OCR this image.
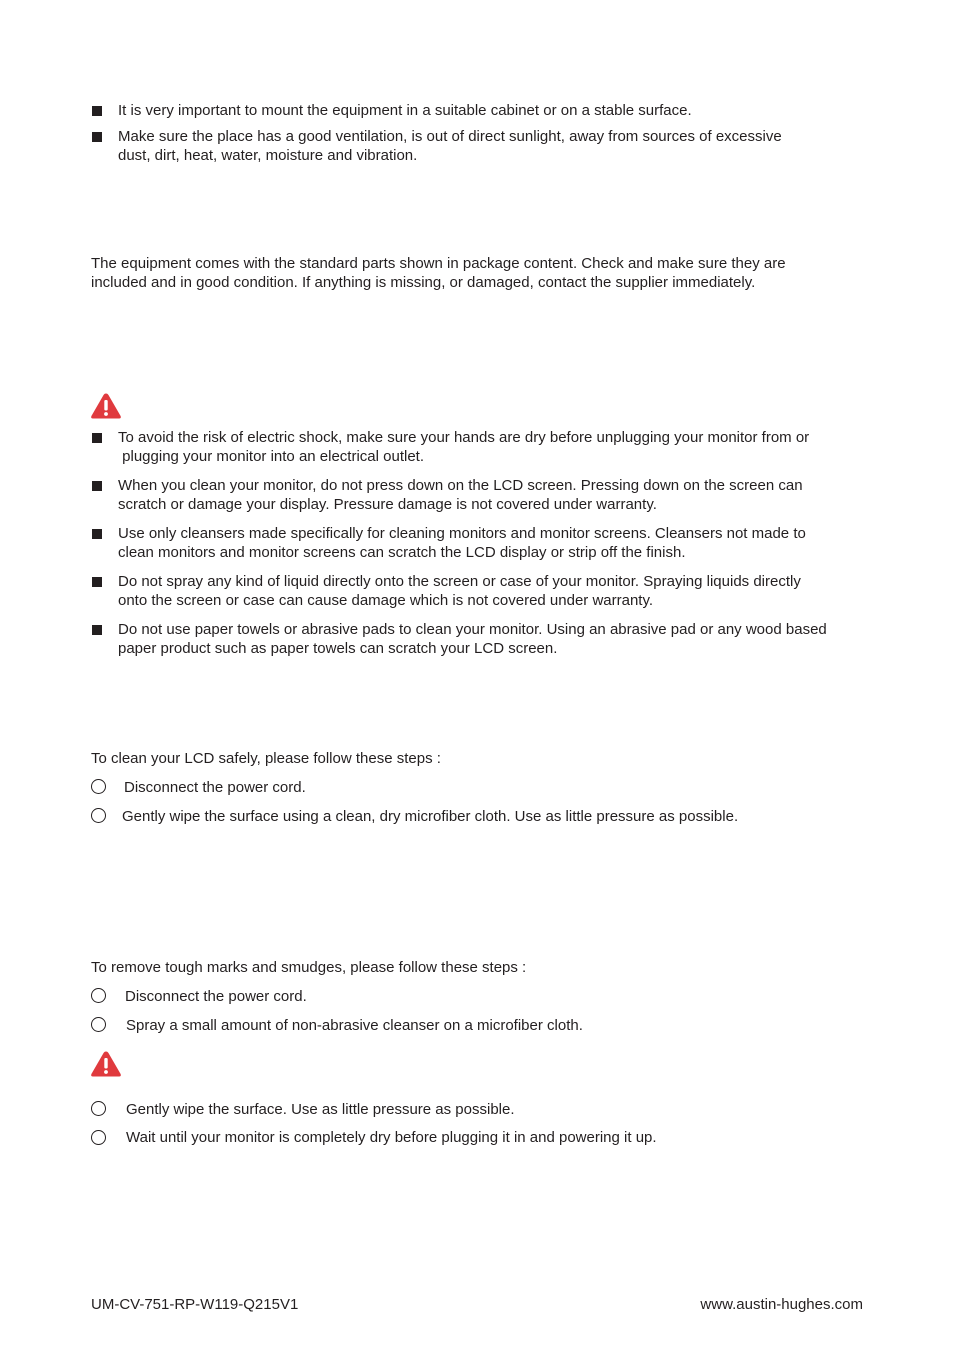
It is very important to mount the equipment in a suitable cabinet or on a stable surface.
Make sure the place has a good ventilation, is out of direct sunlight, away from sources of excessive
dust, dirt, heat, water, moisture and vibration.
The equipment comes with the standard parts shown in package content. Check and make sure they are
included and in good condition. If anything is missing, or damaged, contact the supplier immediately.
To avoid the risk of electric shock, make sure your hands are dry before unplugging your monitor from or
plugging your monitor into an electrical outlet.
When you clean your monitor, do not press down on the LCD screen. Pressing down on the screen can
scratch or damage your display. Pressure damage is not covered under warranty.
Use only cleansers made specifically for cleaning monitors and monitor screens. Cleansers not made to
clean monitors and monitor screens can scratch the LCD display or strip off the finish.
Do not spray any kind of liquid directly onto the screen or case of your monitor. Spraying liquids directly
onto the screen or case can cause damage which is not covered under warranty.
Do not use paper towels or abrasive pads to clean your monitor. Using an abrasive pad or any wood based
paper product such as paper towels can scratch your LCD screen.
To clean your LCD safely, please follow these steps :
Disconnect the power cord.
Gently wipe the surface using a clean, dry microfiber cloth. Use as little pressure as possible.
To remove tough marks and smudges, please follow these steps :
Disconnect the power cord.
Spray a small amount of non-abrasive cleanser on a microfiber cloth.
Gently wipe the surface. Use as little pressure as possible.
Wait until your monitor is completely dry before plugging it in and powering it up.
UM-CV-751-RP-W119-Q215V1	www.austin-hughes.com
